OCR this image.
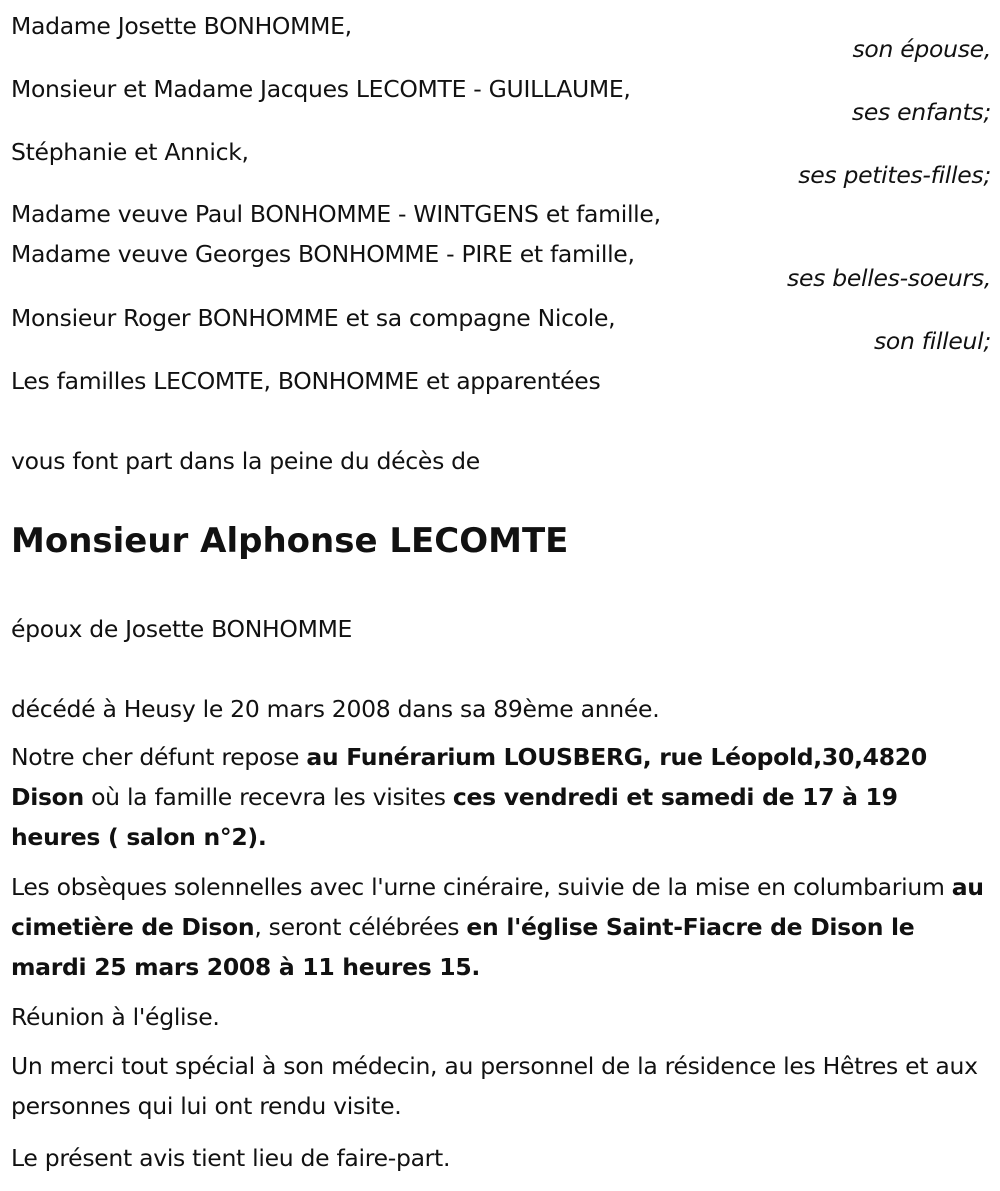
Madame Josette BONHOMME,
son épouse,
Monsieur et Madame Jacques LECOMTE - GUILLAUME,
ses enfants;
Stéphanie et Annick,
ses petites-filles;
Madame veuve Paul BONHOMME - WINTGENS et famille,
Madame veuve Georges BONHOMME - PIRE et famille,
ses belles-soeurs,
Monsieur Roger BONHOMME et sa compagne Nicole,
son filleul;
Les familles LECOMTE, BONHOMME et apparentées
vous font part dans la peine du décès de
Monsieur Alphonse LECOMTE
époux de Josette BONHOMME
décédé à Heusy le 20 mars 2008 dans sa 89ème année.
Notre cher défunt repose au Funérarium LOUSBERG, rue Léopold,30,4820 Dison où la famille recevra les visites ces vendredi et samedi de 17 à 19 heures ( salon n°2).
Les obsèques solennelles avec l'urne cinéraire, suivie de la mise en columbarium au cimetière de Dison, seront célébrées en l'église Saint-Fiacre de Dison le mardi 25 mars 2008 à 11 heures 15.
Réunion à l'église.
Un merci tout spécial à son médecin, au personnel de la résidence les Hêtres et aux personnes qui lui ont rendu visite.
Le présent avis tient lieu de faire-part.
